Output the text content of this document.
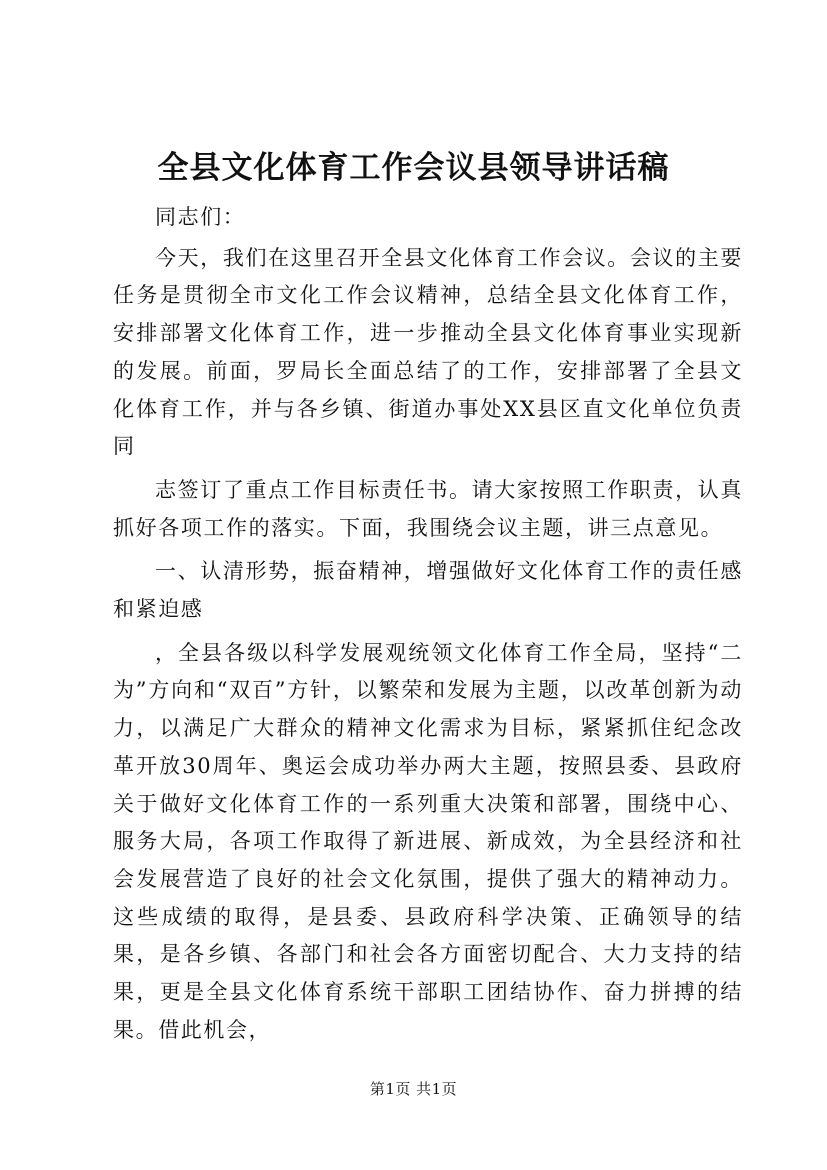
全县文化体育工作会议县领导讲话稿

同志们：

今天，我们在这里召开全县文化体育工作会议。会议的主要任务是贯彻全市文化工作会议精神，总结全县文化体育工作，安排部署文化体育工作，进一步推动全县文化体育事业实现新的发展。前面，罗局长全面总结了的工作，安排部署了全县文化体育工作，并与各乡镇、街道办事处XX县区直文化单位负责同

志签订了重点工作目标责任书。请大家按照工作职责，认真抓好各项工作的落实。下面，我围绕会议主题，讲三点意见。

一、认清形势，振奋精神，增强做好文化体育工作的责任感和紧迫感

，全县各级以科学发展观统领文化体育工作全局，坚持“二为”方向和“双百”方针，以繁荣和发展为主题，以改革创新为动力，以满足广大群众的精神文化需求为目标，紧紧抓住纪念改革开放30周年、奥运会成功举办两大主题，按照县委、县政府关于做好文化体育工作的一系列重大决策和部署，围绕中心、服务大局，各项工作取得了新进展、新成效，为全县经济和社会发展营造了良好的社会文化氛围，提供了强大的精神动力。这些成绩的取得，是县委、县政府科学决策、正确领导的结果，是各乡镇、各部门和社会各方面密切配合、大力支持的结果，更是全县文化体育系统干部职工团结协作、奋力拼搏的结果。借此机会，

第1页 共1页
